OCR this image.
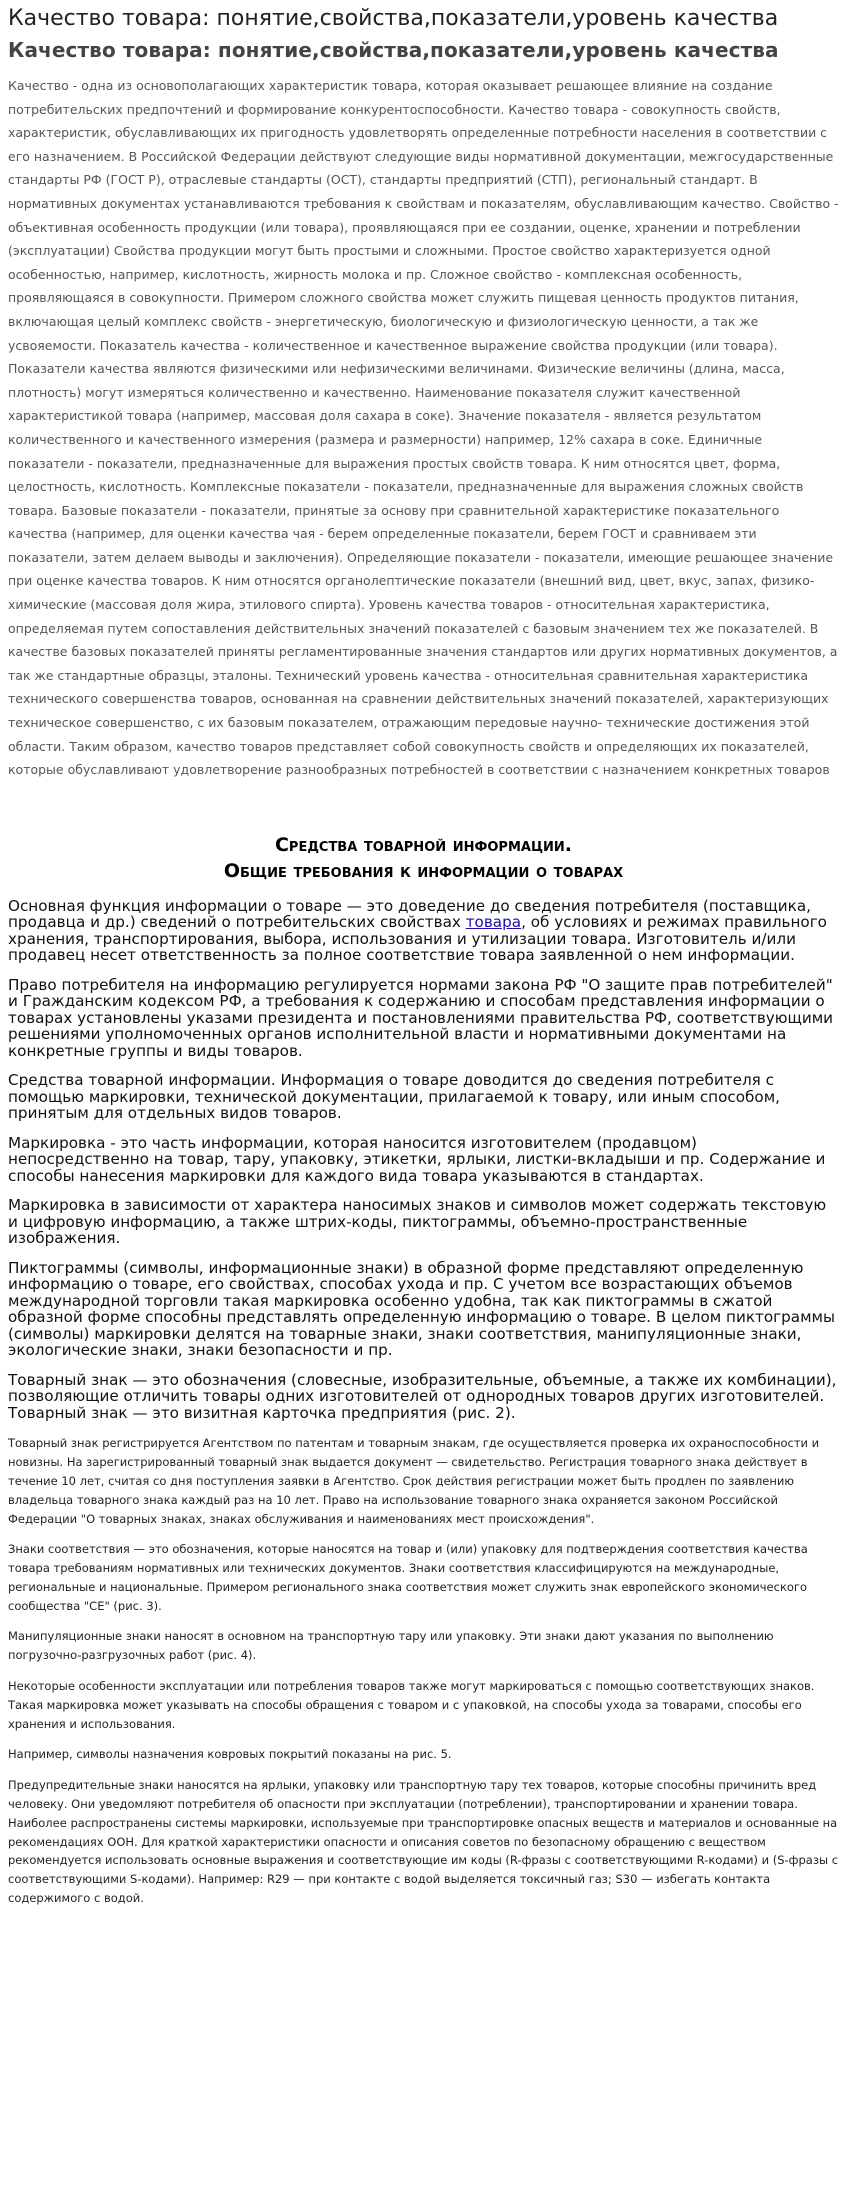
Качество товара: понятие,свойства,показатели,уровень качества
Качество товара: понятие,свойства,показатели,уровень качества

Качество - одна из основополагающих характеристик товара, которая оказывает решающее влияние на создание потребительских предпочтений и формирование конкурентоспособности. Качество товара - совокупность свойств, характеристик, обуславливающих их пригодность удовлетворять определенные потребности населения в соответствии с его назначением. В Российской Федерации действуют следующие виды нормативной документации, межгосударственные стандарты РФ (ГОСТ Р), отраслевые стандарты (ОСТ), стандарты предприятий (СТП), региональный стандарт. В нормативных документах устанавливаются требования к свойствам и показателям, обуславливающим качество. Свойство - объективная особенность продукции (или товара), проявляющаяся при ее создании, оценке, хранении и потреблении (эксплуатации) Свойства продукции могут быть простыми и сложными. Простое свойство характеризуется одной особенностью, например, кислотность, жирность молока и пр. Сложное свойство - комплексная особенность, проявляющаяся в совокупности. Примером сложного свойства может служить пищевая ценность продуктов питания, включающая целый комплекс свойств - энергетическую, биологическую и физиологическую ценности, а так же усвояемости. Показатель качества - количественное и качественное выражение свойства продукции (или товара). Показатели качества являются физическими или нефизическими величинами. Физические величины (длина, масса, плотность) могут измеряться количественно и качественно. Наименование показателя служит качественной характеристикой товара (например, массовая доля сахара в соке). Значение показателя - является результатом количественного и качественного измерения (размера и размерности) например, 12% сахара в соке. Единичные показатели - показатели, предназначенные для выражения простых свойств товара. К ним относятся цвет, форма, целостность, кислотность. Комплексные показатели - показатели, предназначенные для выражения сложных свойств товара. Базовые показатели - показатели, принятые за основу при сравнительной характеристике показательного качества (например, для оценки качества чая - берем определенные показатели, берем ГОСТ и сравниваем эти показатели, затем делаем выводы и заключения). Определяющие показатели - показатели, имеющие решающее значение при оценке качества товаров. К ним относятся органолептические показатели (внешний вид, цвет, вкус, запах, физико-химические (массовая доля жира, этилового спирта). Уровень качества товаров - относительная характеристика, определяемая путем сопоставления действительных значений показателей с базовым значением тех же показателей. В качестве базовых показателей приняты регламентированные значения стандартов или других нормативных документов, а так же стандартные образцы, эталоны. Технический уровень качества - относительная сравнительная характеристика технического совершенства товаров, основанная на сравнении действительных значений показателей, характеризующих техническое совершенство, с их базовым показателем, отражающим передовые научно- технические достижения этой области. Таким образом, качество товаров представляет собой совокупность свойств и определяющих их показателей, которые обуславливают удовлетворение разнообразных потребностей в соответствии с назначением конкретных товаров

Средства товарной информации.
Общие требования к информации о товарах

Основная функция информации о товаре — это доведение до сведения потребителя (поставщика, продавца и др.) сведений о потребительских свойствах товара, об условиях и режимах правильного хранения, транспортирования, выбора, использования и утилизации товара. Изготовитель и/или продавец несет ответственность за полное соответствие товара заявленной о нем информации.

Право потребителя на информацию регулируется нормами закона РФ "О защите прав потребителей" и Гражданским кодексом РФ, а требования к содержанию и способам представления информации о товарах установлены указами президента и постановлениями правительства РФ, соответствующими решениями уполномоченных органов исполнительной власти и нормативными документами на конкретные группы и виды товаров.

Средства товарной информации. Информация о товаре доводится до сведения потребителя с помощью маркировки, технической документации, прилагаемой к товару, или иным способом, принятым для отдельных видов товаров.

Маркировка - это часть информации, которая наносится изготовителем (продавцом) непосредственно на товар, тару, упаковку, этикетки, ярлыки, листки-вкладыши и пр. Содержание и способы нанесения маркировки для каждого вида товара указываются в стандартах.

Маркировка в зависимости от характера наносимых знаков и символов может содержать текстовую и цифровую информацию, а также штрих-коды, пиктограммы, объемно-пространственные изображения.

Пиктограммы (символы, информационные знаки) в образной форме представляют определенную информацию о товаре, его свойствах, способах ухода и пр. С учетом все возрастающих объемов международной торговли такая маркировка особенно удобна, так как пиктограммы в сжатой образной форме способны представлять определенную информацию о товаре. В целом пиктограммы (символы) маркировки делятся на товарные знаки, знаки соответствия, манипуляционные знаки, экологические знаки, знаки безопасности и пр.

Товарный знак — это обозначения (словесные, изобразительные, объемные, а также их комбинации), позволяющие отличить товары одних изготовителей от однородных товаров других изготовителей. Товарный знак — это визитная карточка предприятия (рис. 2).

Товарный знак регистрируется Агентством по патентам и товарным знакам, где осуществляется проверка их охраноспособности и новизны. На зарегистрированный товарный знак выдается документ — свидетельство. Регистрация товарного знака действует в течение 10 лет, считая со дня поступления заявки в Агентство. Срок действия регистрации может быть продлен по заявлению владельца товарного знака каждый раз на 10 лет. Право на использование товарного знака охраняется законом Российской Федерации "О товарных знаках, знаках обслуживания и наименованиях мест происхождения".

Знаки соответствия — это обозначения, которые наносятся на товар и (или) упаковку для подтверждения соответствия качества товара требованиям нормативных или технических документов. Знаки соответствия классифицируются на международные, региональные и национальные. Примером регионального знака соответствия может служить знак европейского экономического сообщества "СЕ" (рис. 3).

Манипуляционные знаки наносят в основном на транспортную тару или упаковку. Эти знаки дают указания по выполнению погрузочно-разгрузочных работ (рис. 4).

Некоторые особенности эксплуатации или потребления товаров также могут маркироваться с помощью соответствующих знаков. Такая маркировка может указывать на способы обращения с товаром и с упаковкой, на способы ухода за товарами, способы его хранения и использования.

Например, символы назначения ковровых покрытий показаны на рис. 5.

Предупредительные знаки наносятся на ярлыки, упаковку или транспортную тару тех товаров, которые способны причинить вред человеку. Они уведомляют потребителя об опасности при эксплуатации (потреблении), транспортировании и хранении товара. Наиболее распространены системы маркировки, используемые при транспортировке опасных веществ и материалов и основанные на рекомендациях ООН. Для краткой характеристики опасности и описания советов по безопасному обращению с веществом рекомендуется использовать основные выражения и соответствующие им коды (R-фразы с соответствующими R-кодами) и (S-фразы с соответствующими S-кодами). Например: R29 — при контакте с водой выделяется токсичный газ; S30 — избегать контакта содержимого с водой.
